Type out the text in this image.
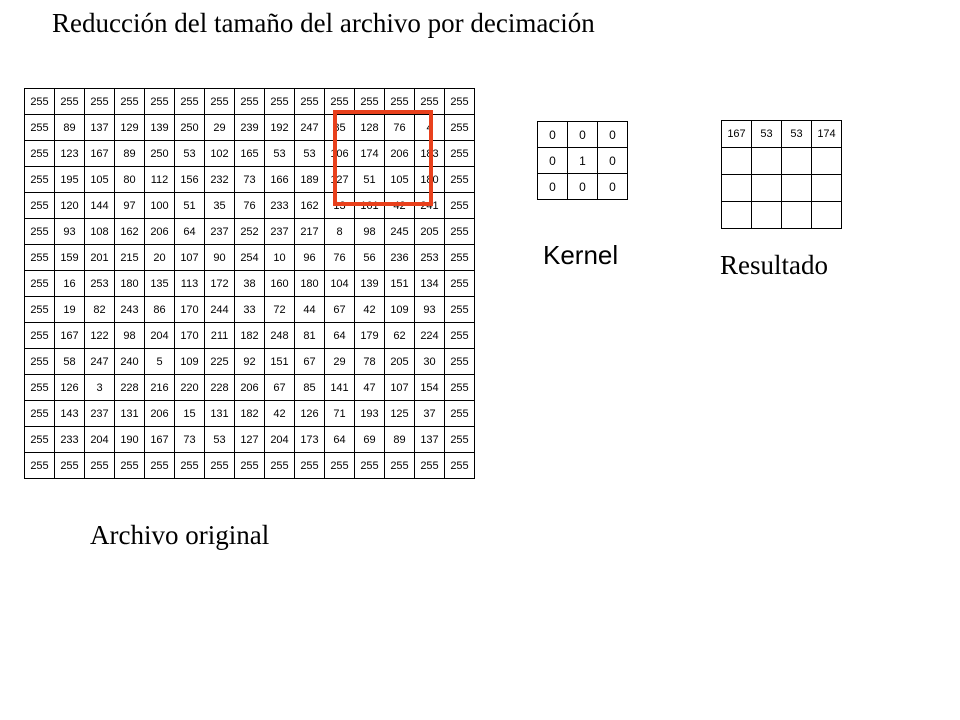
Reducción del tamaño del archivo por decimación
255	255	255	255	255	255	255	255	255	255	255	255	255	255	255
255	89	137	129	139	250	29	239	192	247	85	128	76	4	255
255	123	167	89	250	53	102	165	53	53	106	174	206	183	255
255	195	105	80	112	156	232	73	166	189	127	51	105	180	255
255	120	144	97	100	51	35	76	233	162	13	161	42	241	255
255	93	108	162	206	64	237	252	237	217	8	98	245	205	255
255	159	201	215	20	107	90	254	10	96	76	56	236	253	255
255	16	253	180	135	113	172	38	160	180	104	139	151	134	255
255	19	82	243	86	170	244	33	72	44	67	42	109	93	255
255	167	122	98	204	170	211	182	248	81	64	179	62	224	255
255	58	247	240	5	109	225	92	151	67	29	78	205	30	255
255	126	3	228	216	220	228	206	67	85	141	47	107	154	255
255	143	237	131	206	15	131	182	42	126	71	193	125	37	255
255	233	204	190	167	73	53	127	204	173	64	69	89	137	255
255	255	255	255	255	255	255	255	255	255	255	255	255	255	255
0	0	0
0	1	0
0	0	0
167	53	53	174

Kernel	Resultado
Archivo original
